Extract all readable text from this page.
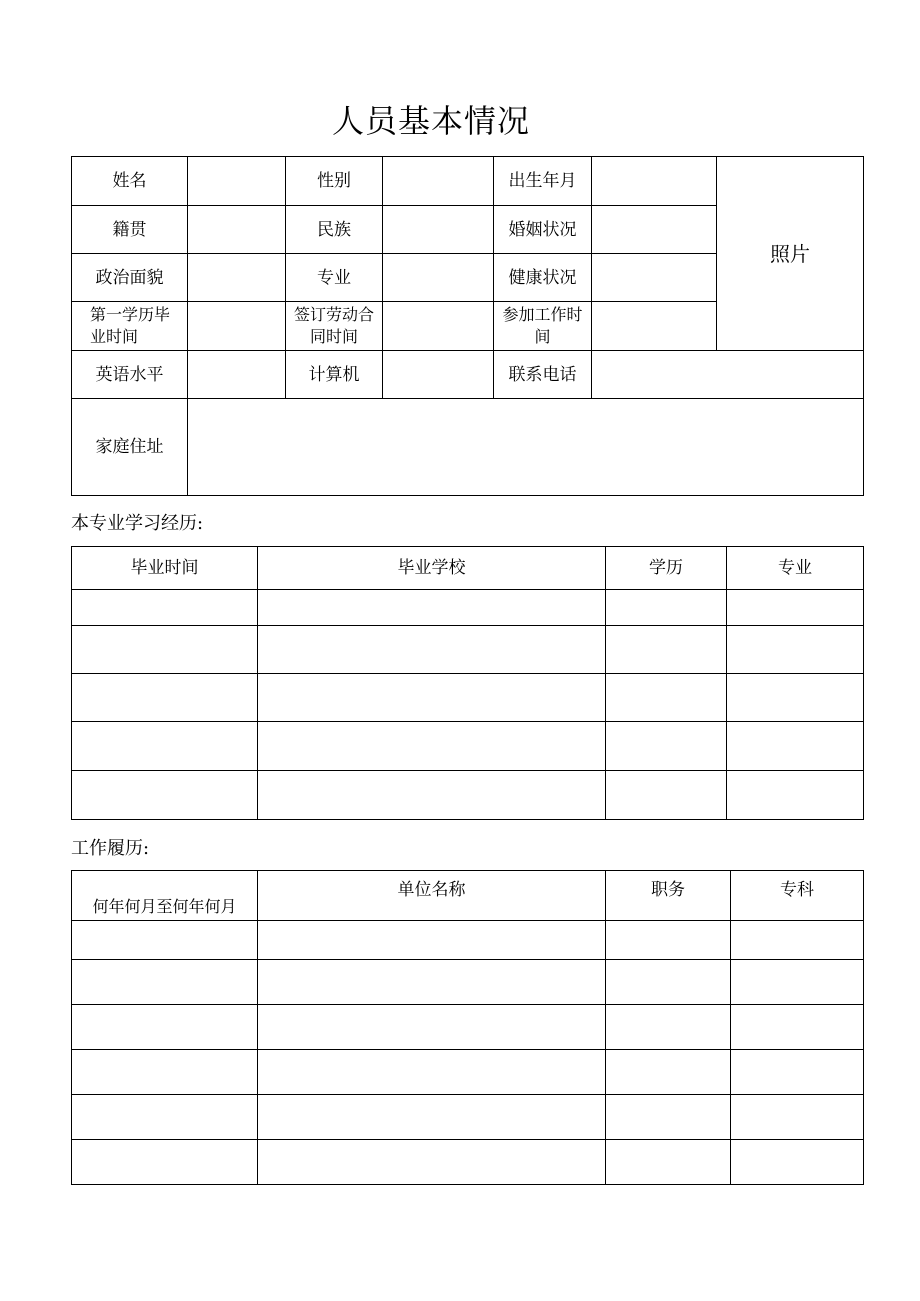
人员基本情况
姓名		性别		出生年月		照片
籍贯		民族		婚姻状况		
政治面貌		专业		健康状况		
第一学历毕业时间		签订劳动合同时间		参加工作时间		
英语水平		计算机		联系电话		
家庭住址						
本专业学习经历:
毕业时间	毕业学校	学历	专业

工作履历:
何年何月至何年何月	单位名称	职务	专科
